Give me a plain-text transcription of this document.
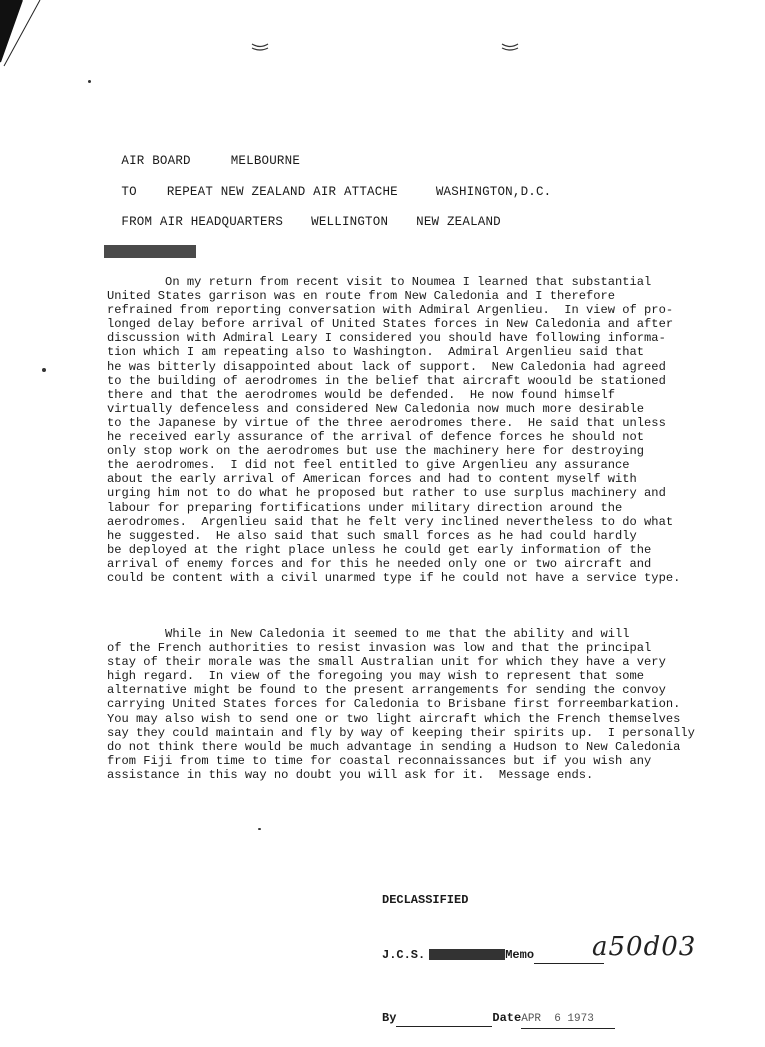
AIR BOARD	MELBOURNE

TO REPEAT NEW ZEALAND AIR ATTACHE	WASHINGTON,D.C.

FROM AIR HEADQUARTERS WELLINGTON NEW ZEALAND

On my return from recent visit to Noumea I learned that substantial
United States garrison was en route from New Caledonia and I therefore
refrained from reporting conversation with Admiral Argenlieu.  In view of pro-
longed delay before arrival of United States forces in New Caledonia and after
discussion with Admiral Leary I considered you should have following informa-
tion which I am repeating also to Washington.  Admiral Argenlieu said that
he was bitterly disappointed about lack of support.  New Caledonia had agreed
to the building of aerodromes in the belief that aircraft woould be stationed
there and that the aerodromes would be defended.  He now found himself
virtually defenceless and considered New Caledonia now much more desirable
to the Japanese by virtue of the three aerodromes there.  He said that unless
he received early assurance of the arrival of defence forces he should not
only stop work on the aerodromes but use the machinery here for destroying
the aerodromes.  I did not feel entitled to give Argenlieu any assurance
about the early arrival of American forces and had to content myself with
urging him not to do what he proposed but rather to use surplus machinery and
labour for preparing fortifications under military direction around the
aerodromes.  Argenlieu said that he felt very inclined nevertheless to do what
he suggested.  He also said that such small forces as he had could hardly
be deployed at the right place unless he could get early information of the
arrival of enemy forces and for this he needed only one or two aircraft and
could be content with a civil unarmed type if he could not have a service type.
While in New Caledonia it seemed to me that the ability and will
of the French authorities to resist invasion was low and that the principal
stay of their morale was the small Australian unit for which they have a very
high regard.  In view of the foregoing you may wish to represent that some
alternative might be found to the present arrangements for sending the convoy
carrying United States forces for Caledonia to Brisbane first forreembarkation.
You may also wish to send one or two light aircraft which the French themselves
say they could maintain and fly by way of keeping their spirits up.  I personally
do not think there would be much advantage in sending a Hudson to New Caledonia
from Fiji from time to time for coastal reconnaissances but if you wish any
assistance in this way no doubt you will ask for it.  Message ends.

DECLASSIFIED

J.C.S.	Memo

By	DateAPR  6 1973

a50d03
